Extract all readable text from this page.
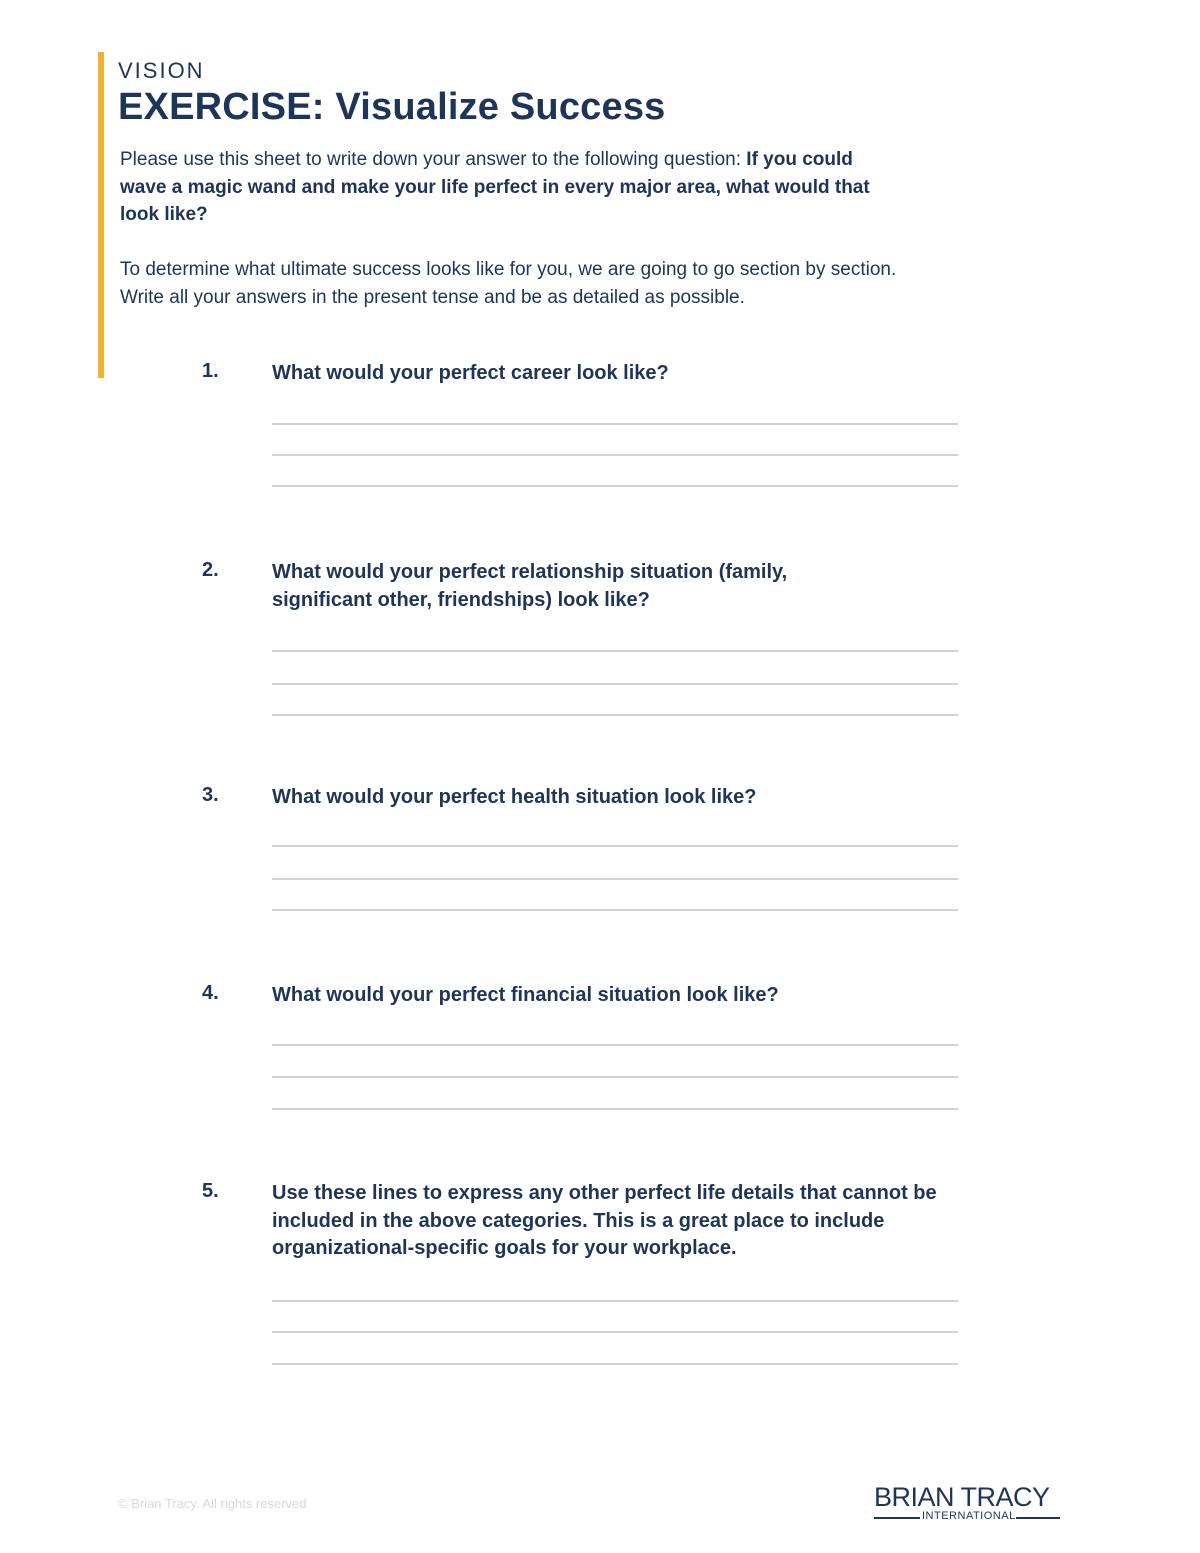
VISION
EXERCISE: Visualize Success

Please use this sheet to write down your answer to the following question: If you could wave a magic wand and make your life perfect in every major area, what would that look like?

To determine what ultimate success looks like for you, we are going to go section by section. Write all your answers in the present tense and be as detailed as possible.

1.	What would your perfect career look like?
2.	What would your perfect relationship situation (family, significant other, friendships) look like?
3.	What would your perfect health situation look like?
4.	What would your perfect financial situation look like?
5.	Use these lines to express any other perfect life details that cannot be included in the above categories. This is a great place to include organizational-specific goals for your workplace.
© Brian Tracy. All rights reserved	BRIAN TRACY
INTERNATIONAL
